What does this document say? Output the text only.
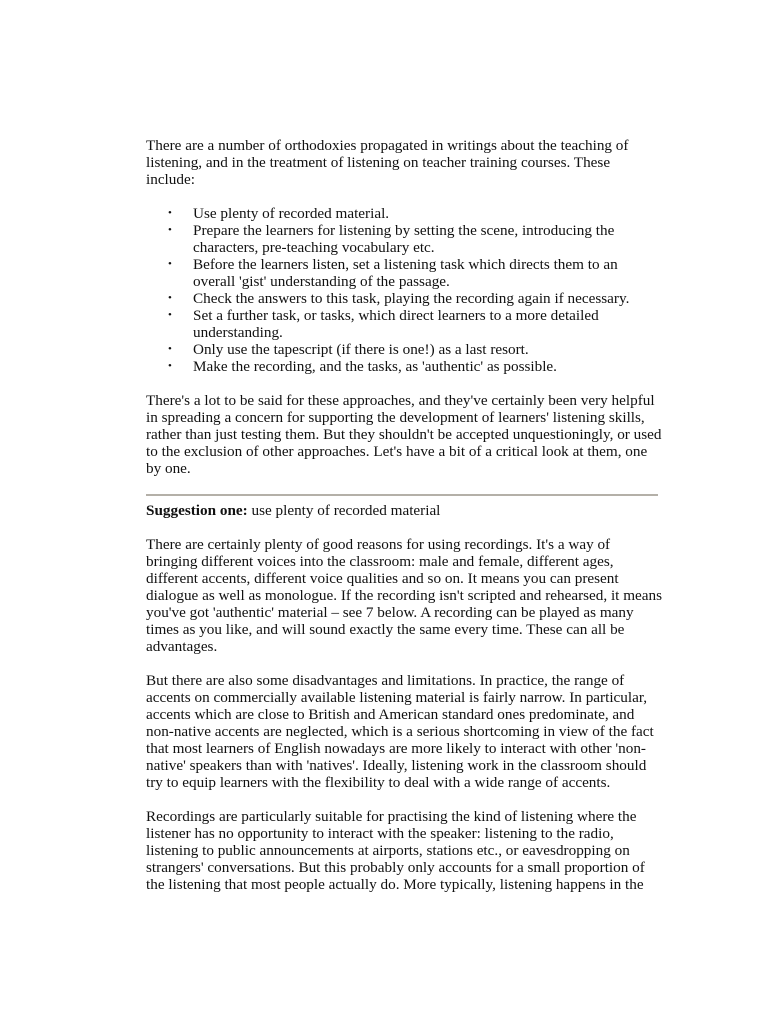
There are a number of orthodoxies propagated in writings about the teaching of listening, and in the treatment of listening on teacher training courses. These include:

• Use plenty of recorded material.
• Prepare the learners for listening by setting the scene, introducing the characters, pre-teaching vocabulary etc.
• Before the learners listen, set a listening task which directs them to an overall 'gist' understanding of the passage.
• Check the answers to this task, playing the recording again if necessary.
• Set a further task, or tasks, which direct learners to a more detailed understanding.
• Only use the tapescript (if there is one!) as a last resort.
• Make the recording, and the tasks, as 'authentic' as possible.

There's a lot to be said for these approaches, and they've certainly been very helpful in spreading a concern for supporting the development of learners' listening skills, rather than just testing them. But they shouldn't be accepted unquestioningly, or used to the exclusion of other approaches. Let's have a bit of a critical look at them, one by one.

Suggestion one: use plenty of recorded material

There are certainly plenty of good reasons for using recordings. It's a way of bringing different voices into the classroom: male and female, different ages, different accents, different voice qualities and so on. It means you can present dialogue as well as monologue. If the recording isn't scripted and rehearsed, it means you've got 'authentic' material – see 7 below. A recording can be played as many times as you like, and will sound exactly the same every time. These can all be advantages.

But there are also some disadvantages and limitations. In practice, the range of accents on commercially available listening material is fairly narrow. In particular, accents which are close to British and American standard ones predominate, and non-native accents are neglected, which is a serious shortcoming in view of the fact that most learners of English nowadays are more likely to interact with other 'non-native' speakers than with 'natives'. Ideally, listening work in the classroom should try to equip learners with the flexibility to deal with a wide range of accents.

Recordings are particularly suitable for practising the kind of listening where the listener has no opportunity to interact with the speaker: listening to the radio, listening to public announcements at airports, stations etc., or eavesdropping on strangers' conversations. But this probably only accounts for a small proportion of the listening that most people actually do. More typically, listening happens in the
